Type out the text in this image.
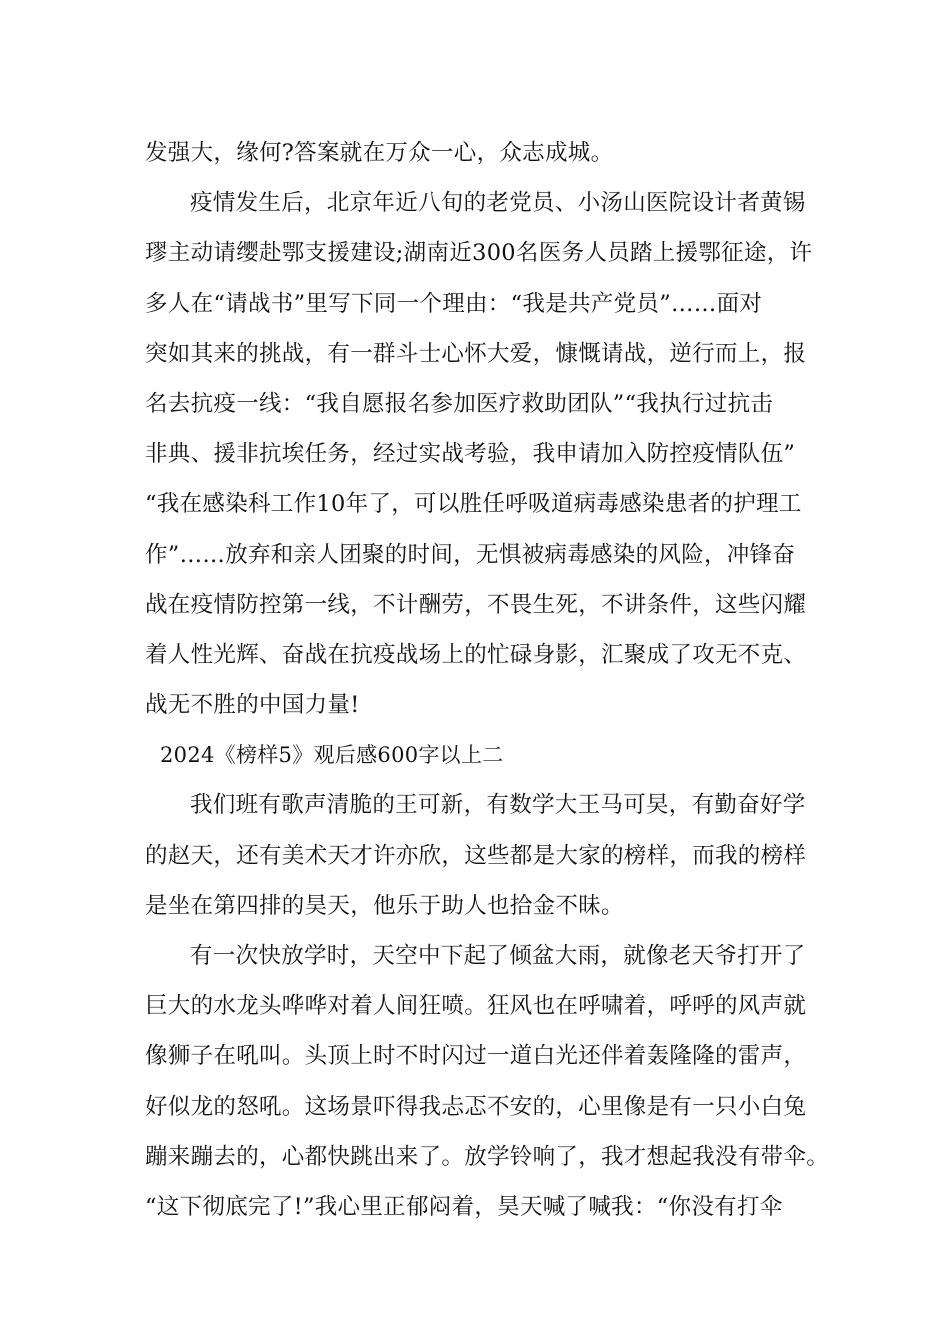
发强大，缘何?答案就在万众一心，众志成城。
疫情发生后，北京年近八旬的老党员、小汤山医院设计者黄锡
璆主动请缨赴鄂支援建设;湖南近300名医务人员踏上援鄂征途，许
多人在“请战书”里写下同一个理由：“我是共产党员”……面对
突如其来的挑战，有一群斗士心怀大爱，慷慨请战，逆行而上，报
名去抗疫一线：“我自愿报名参加医疗救助团队”“我执行过抗击
非典、援非抗埃任务，经过实战考验，我申请加入防控疫情队伍”
“我在感染科工作10年了，可以胜任呼吸道病毒感染患者的护理工
作”……放弃和亲人团聚的时间，无惧被病毒感染的风险，冲锋奋
战在疫情防控第一线，不计酬劳，不畏生死，不讲条件，这些闪耀
着人性光辉、奋战在抗疫战场上的忙碌身影，汇聚成了攻无不克、
战无不胜的中国力量!
2024《榜样5》观后感600字以上二
我们班有歌声清脆的王可新，有数学大王马可旲，有勤奋好学
的赵天，还有美术天才许亦欣，这些都是大家的榜样，而我的榜样
是坐在第四排的昊天，他乐于助人也拾金不昧。
有一次快放学时，天空中下起了倾盆大雨，就像老天爷打开了
巨大的水龙头哗哗对着人间狂喷。狂风也在呼啸着，呼呼的风声就
像狮子在吼叫。头顶上时不时闪过一道白光还伴着轰隆隆的雷声，
好似龙的怒吼。这场景吓得我忐忑不安的，心里像是有一只小白兔
蹦来蹦去的，心都快跳出来了。放学铃响了，我才想起我没有带伞。
“这下彻底完了!”我心里正郁闷着，昊天喊了喊我：“你没有打伞
